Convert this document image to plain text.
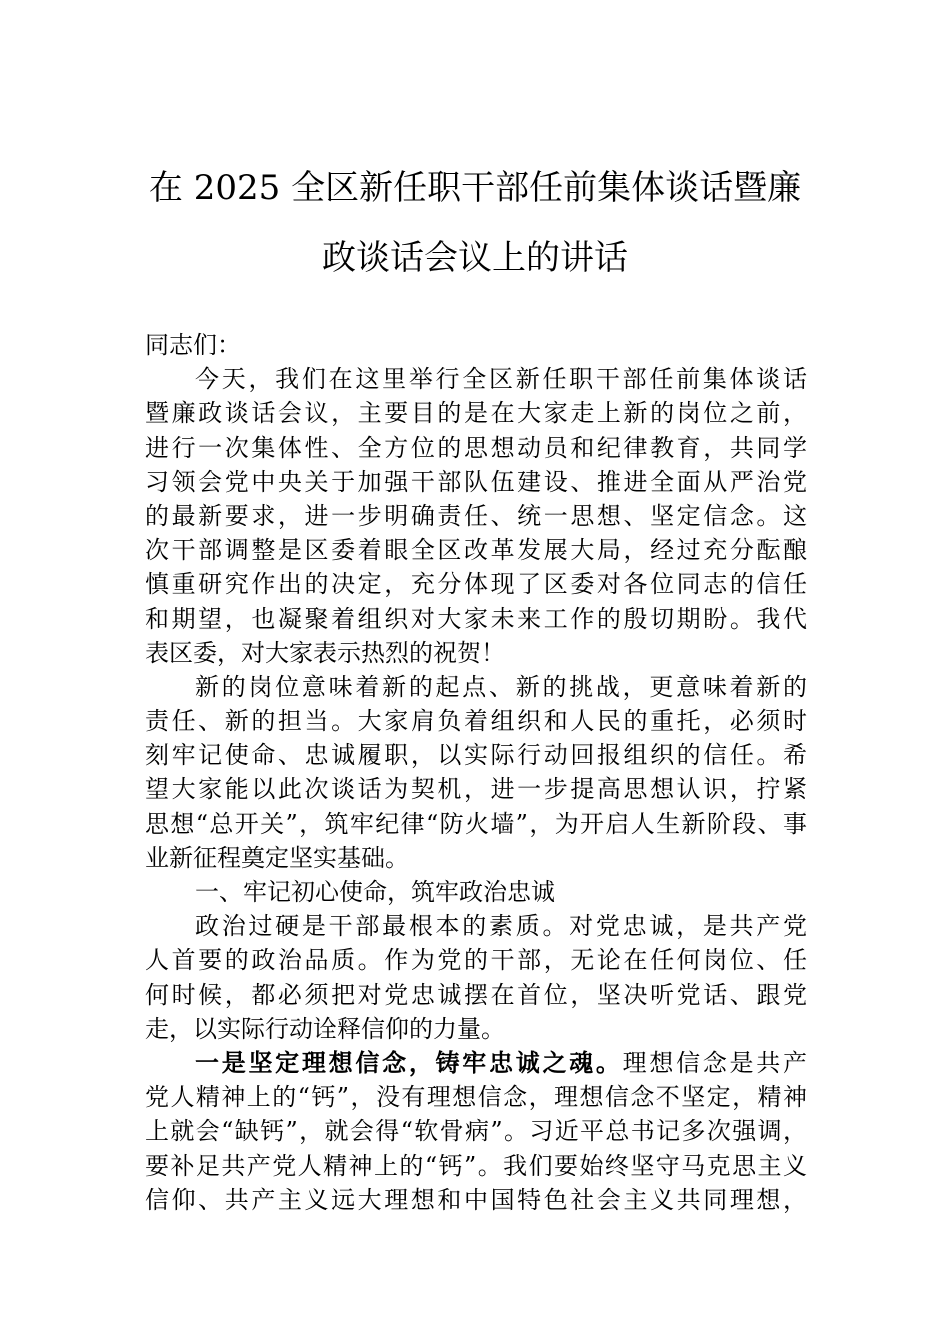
在 2025 全区新任职干部任前集体谈话暨廉
政谈话会议上的讲话
同志们：
今天，我们在这里举行全区新任职干部任前集体谈话
暨廉政谈话会议，主要目的是在大家走上新的岗位之前，
进行一次集体性、全方位的思想动员和纪律教育，共同学
习领会党中央关于加强干部队伍建设、推进全面从严治党
的最新要求，进一步明确责任、统一思想、坚定信念。这
次干部调整是区委着眼全区改革发展大局，经过充分酝酿
慎重研究作出的决定，充分体现了区委对各位同志的信任
和期望，也凝聚着组织对大家未来工作的殷切期盼。我代
表区委，对大家表示热烈的祝贺！
新的岗位意味着新的起点、新的挑战，更意味着新的
责任、新的担当。大家肩负着组织和人民的重托，必须时
刻牢记使命、忠诚履职，以实际行动回报组织的信任。希
望大家能以此次谈话为契机，进一步提高思想认识，拧紧
思想“总开关”，筑牢纪律“防火墙”，为开启人生新阶段、事
业新征程奠定坚实基础。
一、牢记初心使命，筑牢政治忠诚
政治过硬是干部最根本的素质。对党忠诚，是共产党
人首要的政治品质。作为党的干部，无论在任何岗位、任
何时候，都必须把对党忠诚摆在首位，坚决听党话、跟党
走，以实际行动诠释信仰的力量。
一是坚定理想信念，铸牢忠诚之魂。理想信念是共产
党人精神上的“钙”，没有理想信念，理想信念不坚定，精神
上就会“缺钙”，就会得“软骨病”。习近平总书记多次强调，
要补足共产党人精神上的“钙”。我们要始终坚守马克思主义
信仰、共产主义远大理想和中国特色社会主义共同理想，
